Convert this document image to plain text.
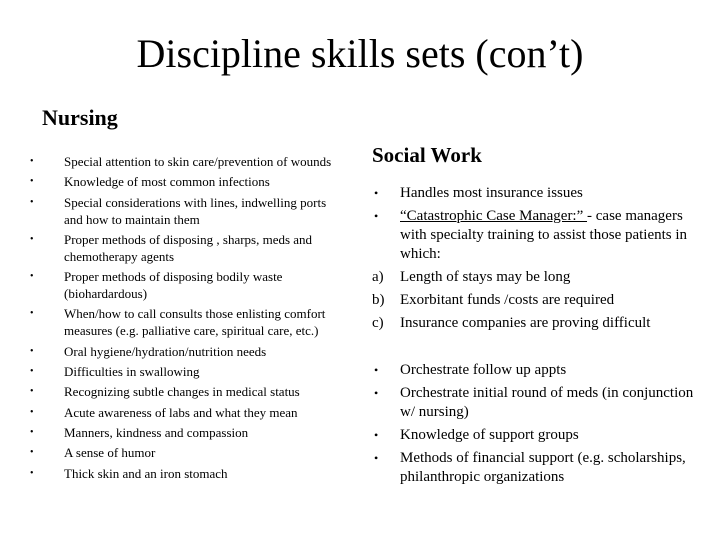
Discipline skills sets (con’t)
Nursing
• Special attention to skin care/prevention of wounds
• Knowledge of most common infections
• Special considerations with lines, indwelling ports and how to maintain them
• Proper methods of disposing , sharps, meds and chemotherapy agents
• Proper methods of disposing bodily waste (biohardardous)
• When/how to call consults those enlisting comfort measures (e.g. palliative care, spiritual care, etc.)
• Oral hygiene/hydration/nutrition needs
• Difficulties in swallowing
• Recognizing subtle changes in medical status
• Acute awareness of labs and what they mean
• Manners, kindness and compassion
• A sense of humor
• Thick skin and an iron stomach
Social Work
• Handles most insurance issues
• “Catastrophic Case Manager:” - case managers with specialty training to assist those patients in which:
a) Length of stays may be long
b) Exorbitant funds /costs are required
c) Insurance companies are proving difficult
• Orchestrate follow up appts
• Orchestrate initial round of meds (in conjunction w/ nursing)
• Knowledge of support groups
• Methods of financial support (e.g. scholarships, philanthropic organizations
